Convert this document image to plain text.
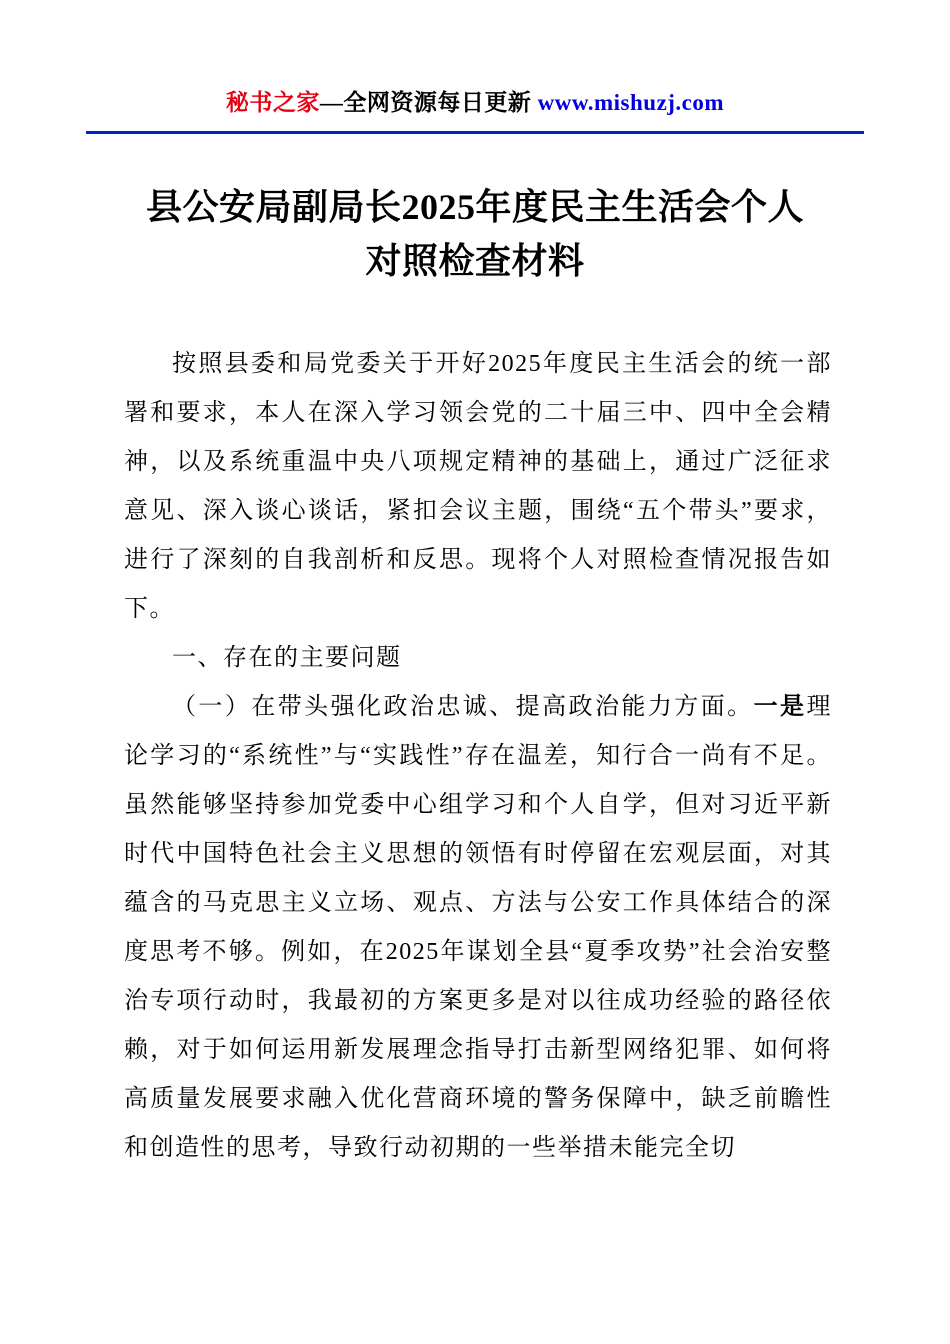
秘书之家—全网资源每日更新 www.mishuzj.com
县公安局副局长2025年度民主生活会个人
对照检查材料

按照县委和局党委关于开好2025年度民主生活会的统一部署和要求，本人在深入学习领会党的二十届三中、四中全会精神，以及系统重温中央八项规定精神的基础上，通过广泛征求意见、深入谈心谈话，紧扣会议主题，围绕“五个带头”要求，进行了深刻的自我剖析和反思。现将个人对照检查情况报告如下。

一、存在的主要问题

（一）在带头强化政治忠诚、提高政治能力方面。一是理论学习的“系统性”与“实践性”存在温差，知行合一尚有不足。虽然能够坚持参加党委中心组学习和个人自学，但对习近平新时代中国特色社会主义思想的领悟有时停留在宏观层面，对其蕴含的马克思主义立场、观点、方法与公安工作具体结合的深度思考不够。例如，在2025年谋划全县“夏季攻势”社会治安整治专项行动时，我最初的方案更多是对以往成功经验的路径依赖，对于如何运用新发展理念指导打击新型网络犯罪、如何将高质量发展要求融入优化营商环境的警务保障中，缺乏前瞻性和创造性的思考，导致行动初期的一些举措未能完全切
